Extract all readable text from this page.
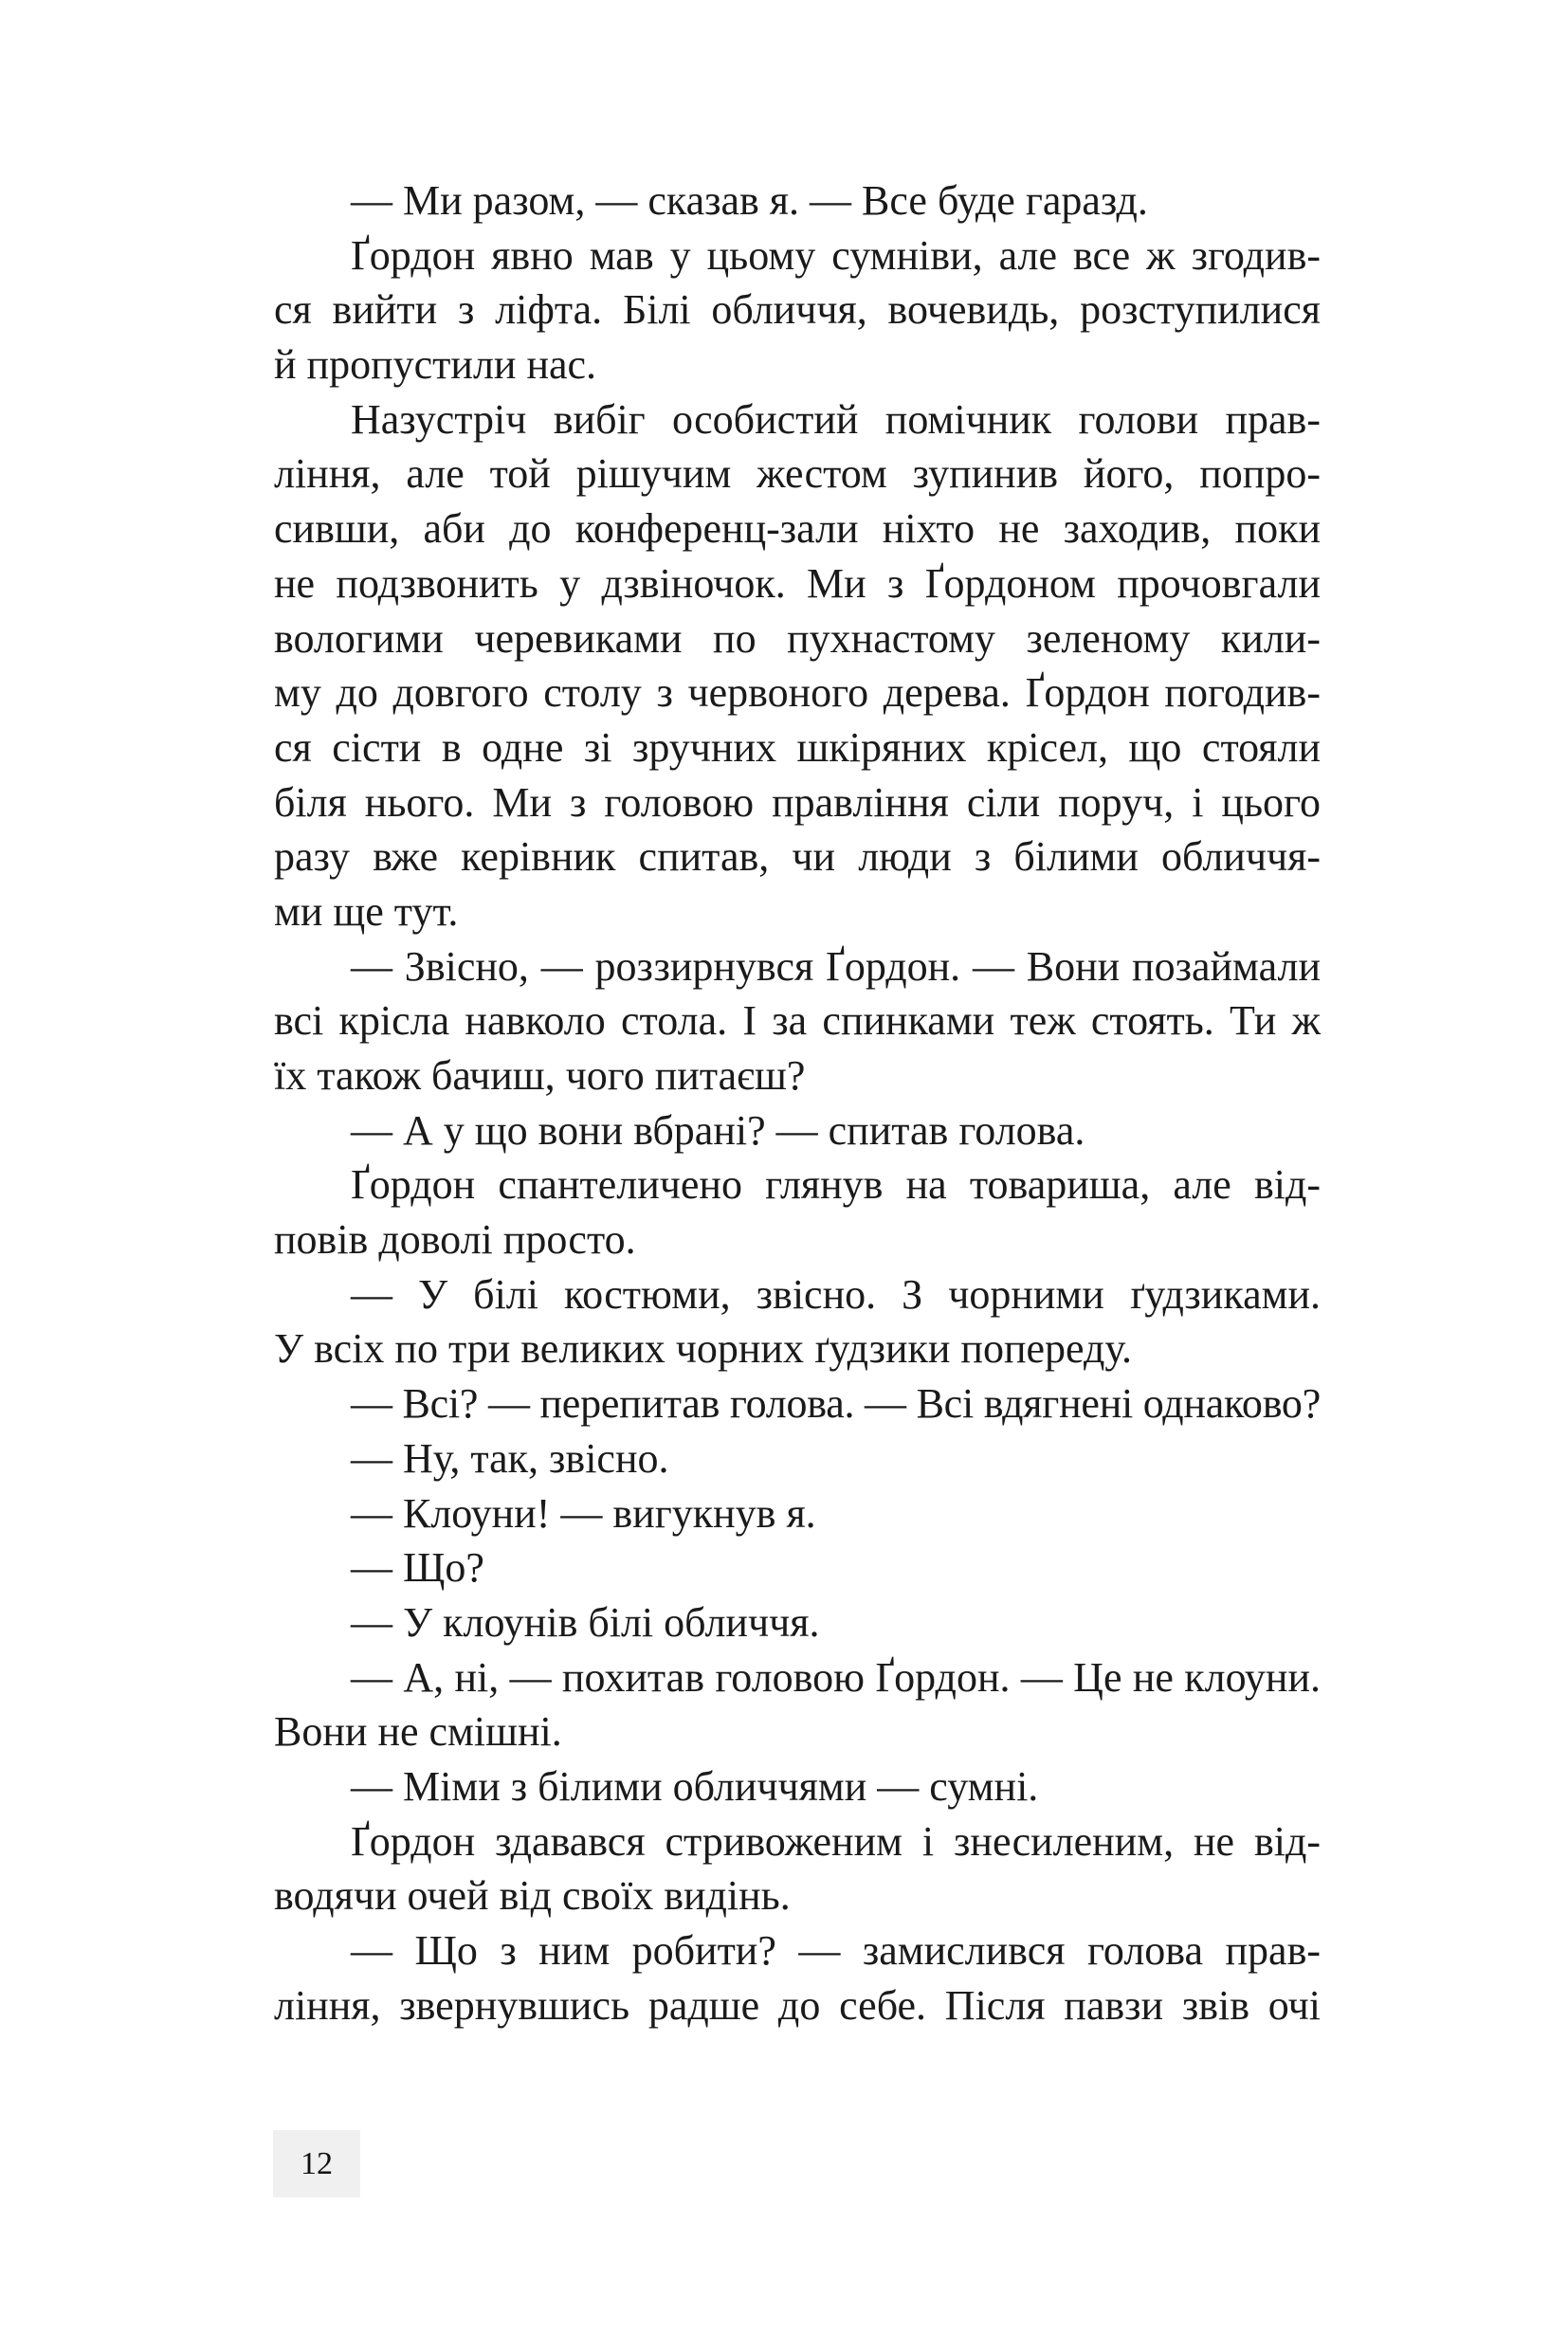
— Ми разом, — сказав я. — Все буде гаразд.
Ґордон явно мав у цьому сумніви, але все ж згодив-
ся вийти з ліфта. Білі обличчя, вочевидь, розступилися
й пропустили нас.
Назустріч вибіг особистий помічник голови прав-
ління, але той рішучим жестом зупинив його, попро-
сивши, аби до конференц-зали ніхто не заходив, поки
не подзвонить у дзвіночок. Ми з Ґордоном прочовгали
вологими черевиками по пухнастому зеленому кили-
му до довгого столу з червоного дерева. Ґордон погодив-
ся сісти в одне зі зручних шкіряних крісел, що стояли
біля нього. Ми з головою правління сіли поруч, і цього
разу вже керівник спитав, чи люди з білими обличчя-
ми ще тут.
— Звісно, — роззирнувся Ґордон. — Вони позаймали
всі крісла навколо стола. І за спинками теж стоять. Ти ж
їх також бачиш, чого питаєш?
— А у що вони вбрані? — спитав голова.
Ґордон спантеличено глянув на товариша, але від-
повів доволі просто.
— У білі костюми, звісно. З чорними ґудзиками.
У всіх по три великих чорних ґудзики попереду.
— Всі? — перепитав голова. — Всі вдягнені однаково?
— Ну, так, звісно.
— Клоуни! — вигукнув я.
— Що?
— У клоунів білі обличчя.
— А, ні, — похитав головою Ґордон. — Це не клоуни.
Вони не смішні.
— Міми з білими обличчями — сумні.
Ґордон здавався стривоженим і знесиленим, не від-
водячи очей від своїх видінь.
— Що з ним робити? — замислився голова прав-
ління, звернувшись радше до себе. Після павзи звів очі
12
